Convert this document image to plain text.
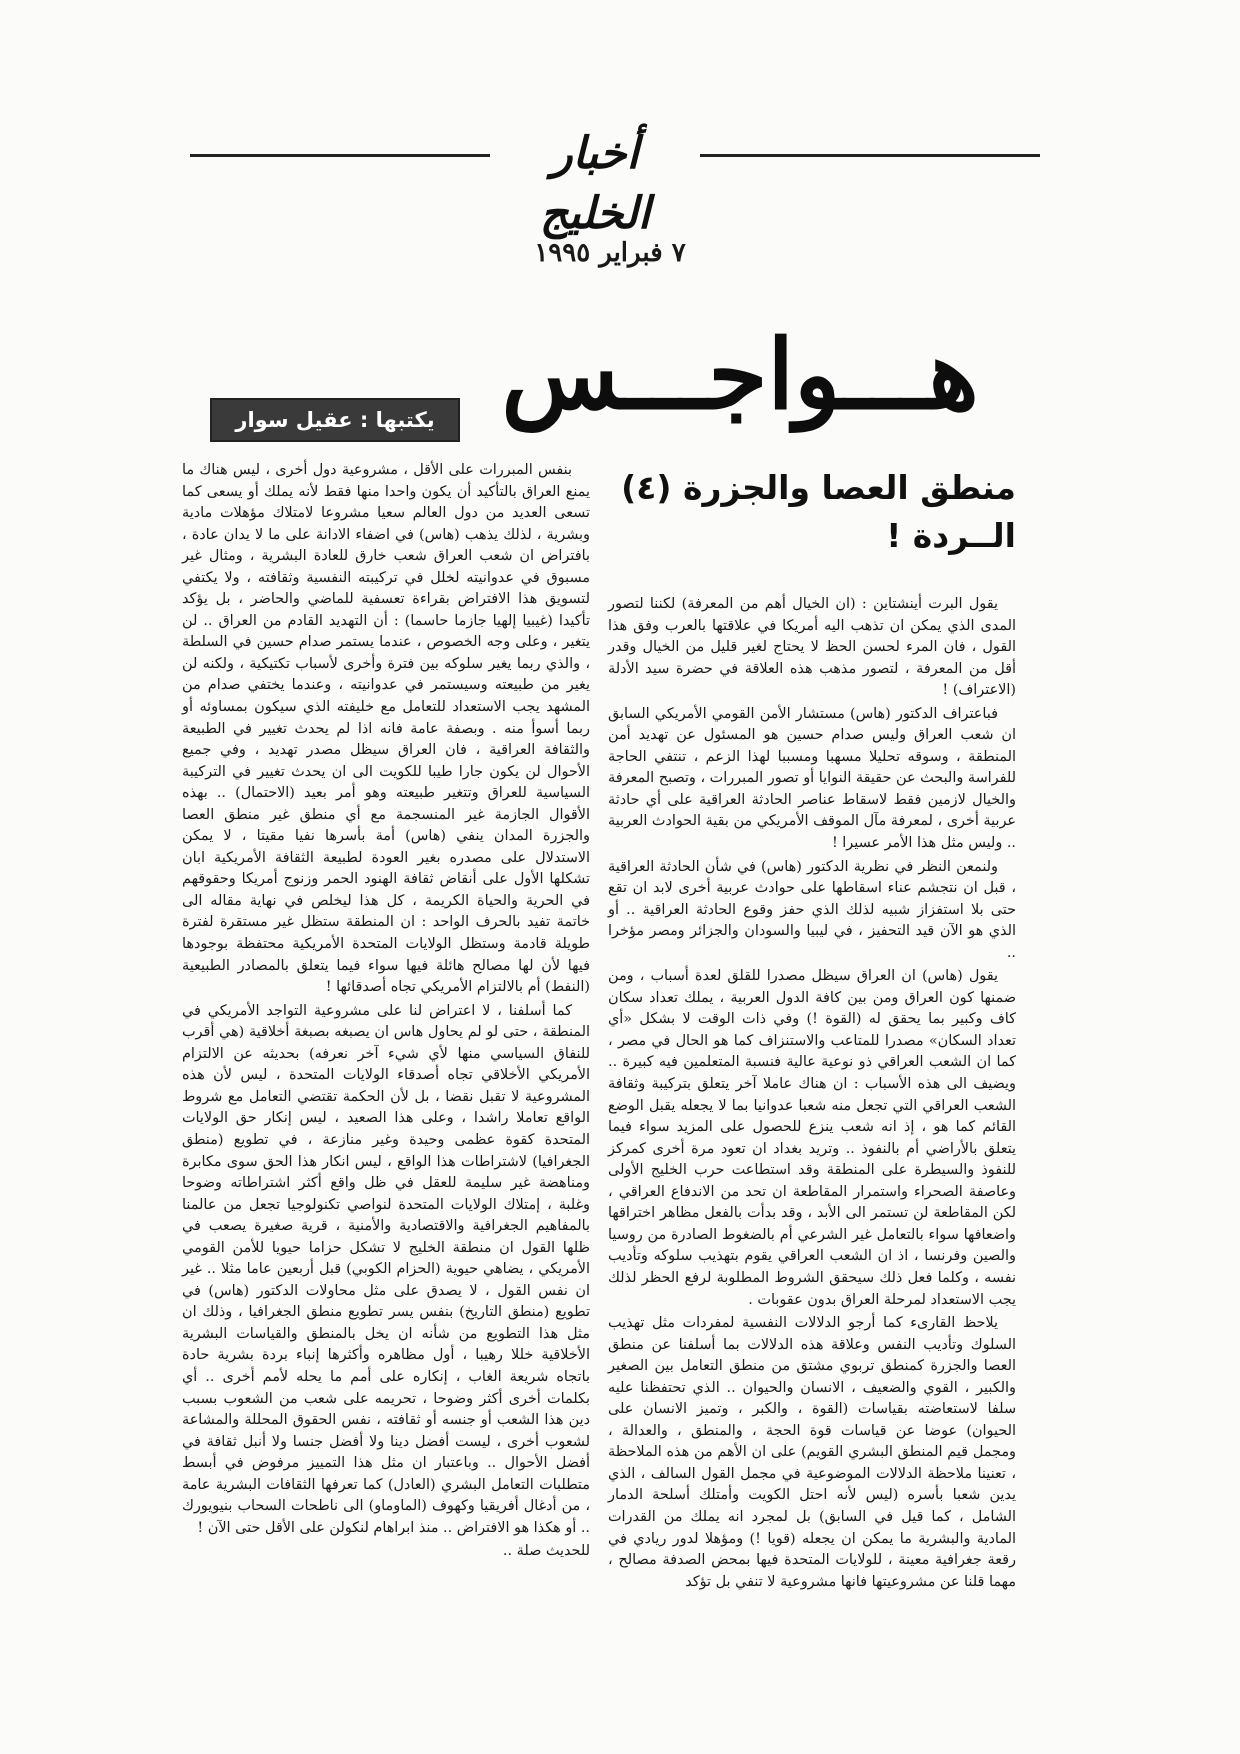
أخبار الخليج
٧ فبراير ١٩٩٥
هـــواجـــس
يكتبها : عقيل سوار
منطق العصا والجزرة (٤)
الــردة !

يقول البرت أينشتاين : (ان الخيال أهم من المعرفة) لكننا لتصور المدى الذي يمكن ان تذهب اليه أمريكا في علاقتها بالعرب وفق هذا القول ، فان المرء لحسن الحظ لا يحتاج لغير قليل من الخيال وقدر أقل من المعرفة ، لتصور مذهب هذه العلاقة في حضرة سيد الأدلة (الاعتراف) !

فباعتراف الدكتور (هاس) مستشار الأمن القومي الأمريكي السابق ان شعب العراق وليس صدام حسين هو المسئول عن تهديد أمن المنطقة ، وسوقه تحليلا مسهبا ومسببا لهذا الزعم ، تنتفي الحاجة للفراسة والبحث عن حقيقة النوايا أو تصور المبررات ، وتصبح المعرفة والخيال لازمين فقط لاسقاط عناصر الحادثة العراقية على أي حادثة عربية أخرى ، لمعرفة مآل الموقف الأمريكي من بقية الحوادث العربية .. وليس مثل هذا الأمر عسيرا !

ولنمعن النظر في نظرية الدكتور (هاس) في شأن الحادثة العراقية ، قبل ان نتجشم عناء اسقاطها على حوادث عربية أخرى لابد ان تقع حتى بلا استفزاز شبيه لذلك الذي حفز وقوع الحادثة العراقية .. أو الذي هو الآن قيد التحفيز ، في ليبيا والسودان والجزائر ومصر مؤخرا ..

يقول (هاس) ان العراق سيظل مصدرا للقلق لعدة أسباب ، ومن ضمنها كون العراق ومن بين كافة الدول العربية ، يملك تعداد سكان كاف وكبير بما يحقق له (القوة !) وفي ذات الوقت لا بشكل «أي تعداد السكان» مصدرا للمتاعب والاستنزاف كما هو الحال في مصر ، كما ان الشعب العراقي ذو نوعية عالية فنسبة المتعلمين فيه كبيرة .. ويضيف الى هذه الأسباب : ان هناك عاملا آخر يتعلق بتركيبة وثقافة الشعب العراقي التي تجعل منه شعبا عدوانيا بما لا يجعله يقبل الوضع القائم كما هو ، إذ انه شعب ينزع للحصول على المزيد سواء فيما يتعلق بالأراضي أم بالنفوذ .. وتريد بغداد ان تعود مرة أخرى كمركز للنفوذ والسيطرة على المنطقة وقد استطاعت حرب الخليج الأولى وعاصفة الصحراء واستمرار المقاطعة ان تحد من الاندفاع العراقي ، لكن المقاطعة لن تستمر الى الأبد ، وقد بدأت بالفعل مظاهر اختراقها واضعافها سواء بالتعامل غير الشرعي أم بالضغوط الصادرة من روسيا والصين وفرنسا ، اذ ان الشعب العراقي يقوم بتهذيب سلوكه وتأديب نفسه ، وكلما فعل ذلك سيحقق الشروط المطلوبة لرفع الحظر لذلك يجب الاستعداد لمرحلة العراق بدون عقوبات .

يلاحظ القارىء كما أرجو الدلالات النفسية لمفردات مثل تهذيب السلوك وتأديب النفس وعلاقة هذه الدلالات بما أسلفنا عن منطق العصا والجزرة كمنطق تربوي مشتق من منطق التعامل بين الصغير والكبير ، القوي والضعيف ، الانسان والحيوان .. الذي تحتفظنا عليه سلفا لاستعاضته بقياسات (القوة ، والكبر ، وتميز الانسان على الحيوان) عوضا عن قياسات قوة الحجة ، والمنطق ، والعدالة ، ومجمل قيم المنطق البشري القويم) على ان الأهم من هذه الملاحظة ، تعنينا ملاحظة الدلالات الموضوعية في مجمل القول السالف ، الذي يدين شعبا بأسره (ليس لأنه احتل الكويت وأمتلك أسلحة الدمار الشامل ، كما قيل في السابق) بل لمجرد انه يملك من القدرات المادية والبشرية ما يمكن ان يجعله (قويا !) ومؤهلا لدور ريادي في رقعة جغرافية معينة ، للولايات المتحدة فيها بمحض الصدفة مصالح ، مهما قلنا عن مشروعيتها فانها مشروعية لا تنفي بل تؤكد

بنفس المبررات على الأقل ، مشروعية دول أخرى ، ليس هناك ما يمنع العراق بالتأكيد أن يكون واحدا منها فقط لأنه يملك أو يسعى كما تسعى العديد من دول العالم سعيا مشروعا لامتلاك مؤهلات مادية وبشرية ، لذلك يذهب (هاس) في اضفاء الادانة على ما لا يدان عادة ، بافتراض ان شعب العراق شعب خارق للعادة البشرية ، ومثال غير مسبوق في عدوانيته لخلل في تركيبته النفسية وثقافته ، ولا يكتفي لتسويق هذا الافتراض بقراءة تعسفية للماضي والحاضر ، بل يؤكد تأكيدا (غيبيا إلهيا جازما حاسما) : أن التهديد القادم من العراق .. لن يتغير ، وعلى وجه الخصوص ، عندما يستمر صدام حسين في السلطة ، والذي ربما يغير سلوكه بين فترة وأخرى لأسباب تكتيكية ، ولكنه لن يغير من طبيعته وسيستمر في عدوانيته ، وعندما يختفي صدام من المشهد يجب الاستعداد للتعامل مع خليفته الذي سيكون بمساوئه أو ربما أسوأ منه . وبصفة عامة فانه اذا لم يحدث تغيير في الطبيعة والثقافة العراقية ، فان العراق سيظل مصدر تهديد ، وفي جميع الأحوال لن يكون جارا طيبا للكويت الى ان يحدث تغيير في التركيبة السياسية للعراق وتتغير طبيعته وهو أمر بعيد (الاحتمال) .. بهذه الأقوال الجازمة غير المنسجمة مع أي منطق غير منطق العصا والجزرة المدان ينفي (هاس) أمة بأسرها نفيا مقيتا ، لا يمكن الاستدلال على مصدره بغير العودة لطبيعة الثقافة الأمريكية ابان تشكلها الأول على أنقاض ثقافة الهنود الحمر وزنوج أمريكا وحقوقهم في الحرية والحياة الكريمة ، كل هذا ليخلص في نهاية مقاله الى خاتمة تفيد بالحرف الواحد : ان المنطقة ستظل غير مستقرة لفترة طويلة قادمة وستظل الولايات المتحدة الأمريكية محتفظة بوجودها فيها لأن لها مصالح هائلة فيها سواء فيما يتعلق بالمصادر الطبيعية (النفط) أم بالالتزام الأمريكي تجاه أصدقائها !

كما أسلفنا ، لا اعتراض لنا على مشروعية التواجد الأمريكي في المنطقة ، حتى لو لم يحاول هاس ان يصبغه بصبغة أخلاقية (هي أقرب للنفاق السياسي منها لأي شيء آخر نعرفه) بحديثه عن الالتزام الأمريكي الأخلاقي تجاه أصدقاء الولايات المتحدة ، ليس لأن هذه المشروعية لا تقبل نقضا ، بل لأن الحكمة تقتضي التعامل مع شروط الواقع تعاملا راشدا ، وعلى هذا الصعيد ، ليس إنكار حق الولايات المتحدة كقوة عظمى وحيدة وغير منازعة ، في تطويع (منطق الجغرافيا) لاشتراطات هذا الواقع ، ليس انكار هذا الحق سوى مكابرة ومناهضة غير سليمة للعقل في ظل واقع أكثر اشتراطاته وضوحا وغلبة ، إمتلاك الولايات المتحدة لنواصي تكنولوجيا تجعل من عالمنا بالمفاهيم الجغرافية والاقتصادية والأمنية ، قرية صغيرة يصعب في ظلها القول ان منطقة الخليج لا تشكل حزاما حيويا للأمن القومي الأمريكي ، يضاهي حيوية (الحزام الكوبي) قبل أربعين عاما مثلا .. غير ان نفس القول ، لا يصدق على مثل محاولات الدكتور (هاس) في تطويع (منطق التاريخ) بنفس يسر تطويع منطق الجغرافيا ، وذلك ان مثل هذا التطويع من شأنه ان يخل بالمنطق والقياسات البشرية الأخلاقية خللا رهيبا ، أول مظاهره وأكثرها إنباء بردة بشرية حادة باتجاه شريعة الغاب ، إنكاره على أمم ما يحله لأمم أخرى .. أي بكلمات أخرى أكثر وضوحا ، تحريمه على شعب من الشعوب بسبب دين هذا الشعب أو جنسه أو ثقافته ، نفس الحقوق المحللة والمشاعة لشعوب أخرى ، ليست أفضل دينا ولا أفضل جنسا ولا أنبل ثقافة في أفضل الأحوال .. وباعتبار ان مثل هذا التمييز مرفوض في أبسط متطلبات التعامل البشري (العادل) كما تعرفها الثقافات البشرية عامة ، من أدغال أفريقيا وكهوف (الماوماو) الى ناطحات السحاب بنيويورك .. أو هكذا هو الافتراض .. منذ ابراهام لنكولن على الأقل حتى الآن !

للحديث صلة ..
